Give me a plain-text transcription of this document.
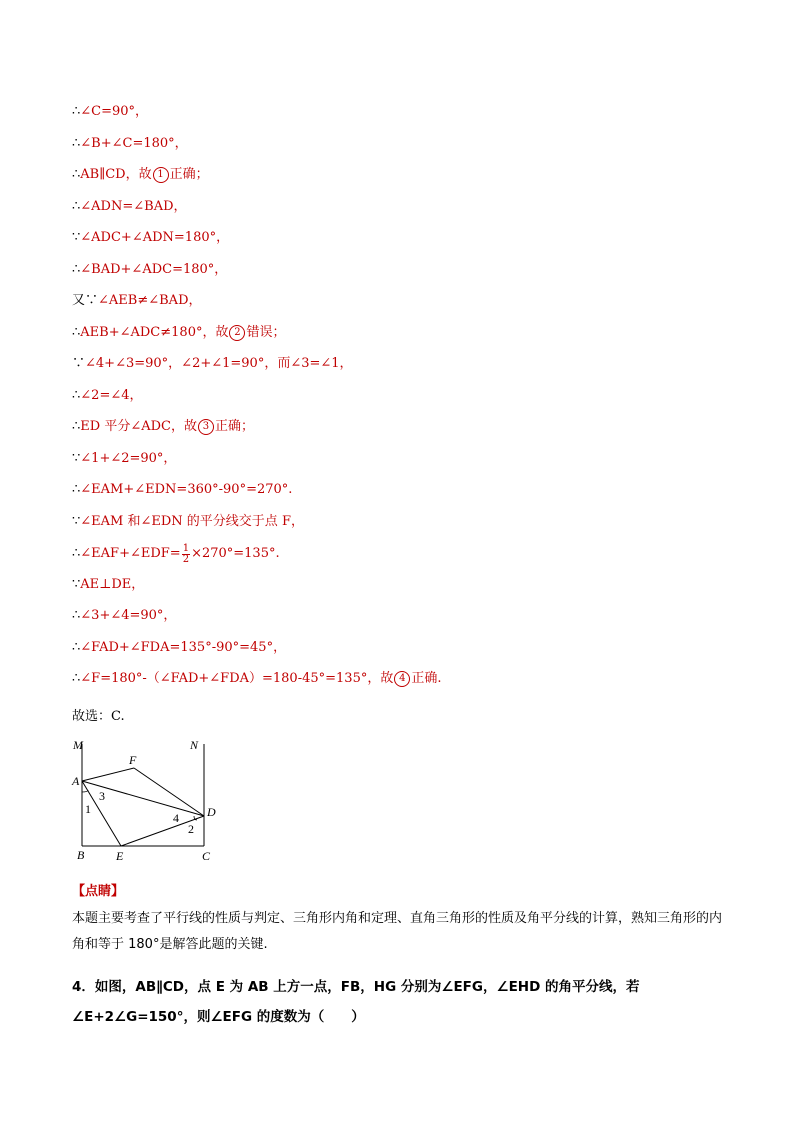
∴∠C=90°，
∴∠B+∠C=180°，
∴AB∥CD，故 1 正确；
∴∠ADN=∠BAD，
∵∠ADC+∠ADN=180°，
∴∠BAD+∠ADC=180°，
又∵∠AEB≠∠BAD，
∴AEB+∠ADC≠180°，故 2 错误；
∵∠4+∠3=90°，∠2+∠1=90°，而∠3=∠1，
∴∠2=∠4，
∴ED 平分∠ADC，故 3 正确；
∵∠1+∠2=90°，
∴∠EAM+∠EDN=360°-90°=270°.
∵∠EAM 和∠EDN 的平分线交于点 F，
∴∠EAF+∠EDF= $\frac{1}{2} \times 270^\circ=135^\circ$.
∵AE⊥DE，
∴∠3+∠4=90°，
∴∠FAD+∠FDA=135°-90°=45°，
∴∠F=180°-（∠FAD+∠FDA）=180-45°=135°，故 4 正确.
故选：C.
M	N
F
A
D
B	E	C
1
2
3
4
【点睛】
本题主要考查了平行线的性质与判定、三角形内角和定理、直角三角形的性质及角平分线的计算，熟知三角形的内角和等于 180°是解答此题的关键.
4．如图，AB∥CD，点 E 为 AB 上方一点，FB，HG 分别为∠EFG，∠EHD 的角平分线，若∠E+2∠G=150°，则∠EFG 的度数为（　　）
